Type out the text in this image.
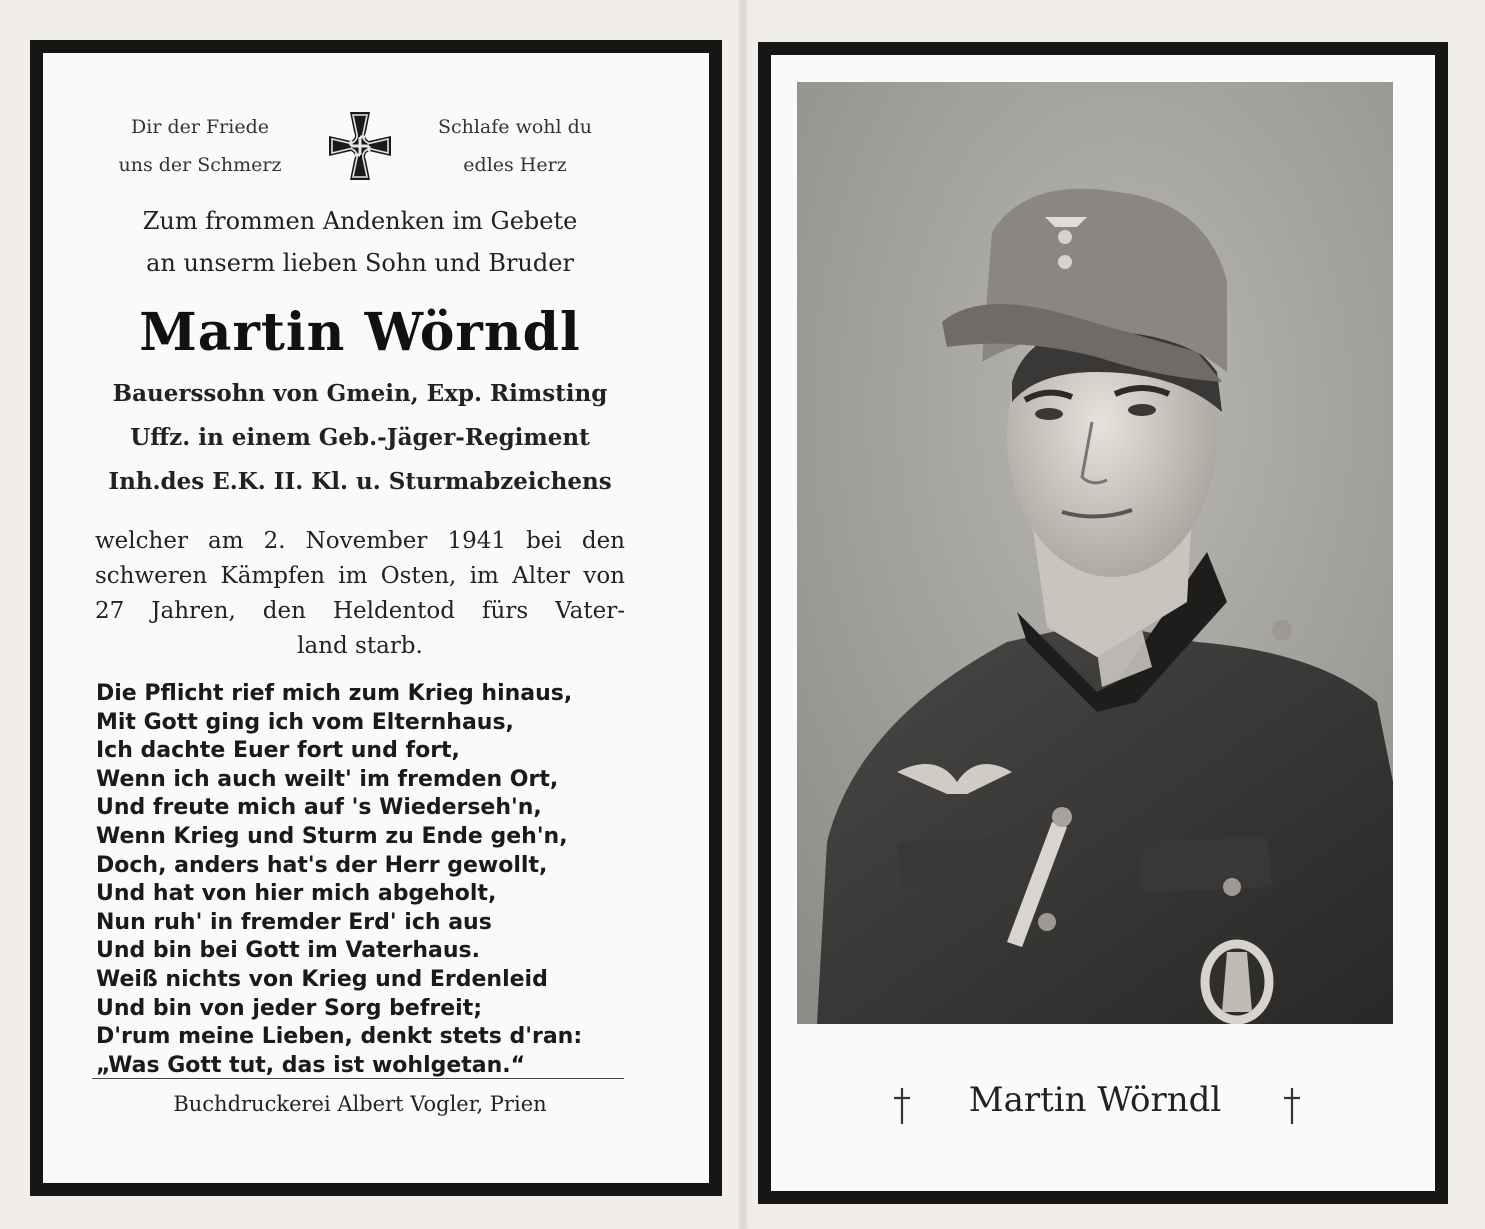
Dir der Friede
uns der Schmerz
Schlafe wohl du
edles Herz
Zum frommen Andenken im Gebete
an unserm lieben Sohn und Bruder
Martin Wörndl
Bauerssohn von Gmein, Exp. Rimsting
Uffz. in einem Geb.-Jäger-Regiment
Inh.des E.K. II. Kl. u. Sturmabzeichens
welcher am 2. November 1941 bei den
schweren Kämpfen im Osten, im Alter von
27 Jahren, den Heldentod fürs Vater-
land starb.
Die Pflicht rief mich zum Krieg hinaus,
Mit Gott ging ich vom Elternhaus,
Ich dachte Euer fort und fort,
Wenn ich auch weilt' im fremden Ort,
Und freute mich auf 's Wiederseh'n,
Wenn Krieg und Sturm zu Ende geh'n,
Doch, anders hat's der Herr gewollt,
Und hat von hier mich abgeholt,
Nun ruh' in fremder Erd' ich aus
Und bin bei Gott im Vaterhaus.
Weiß nichts von Krieg und Erdenleid
Und bin von jeder Sorg befreit;
D'rum meine Lieben, denkt stets d'ran:
„Was Gott tut, das ist wohlgetan.“
Buchdruckerei Albert Vogler, Prien	Martin Wörndl
